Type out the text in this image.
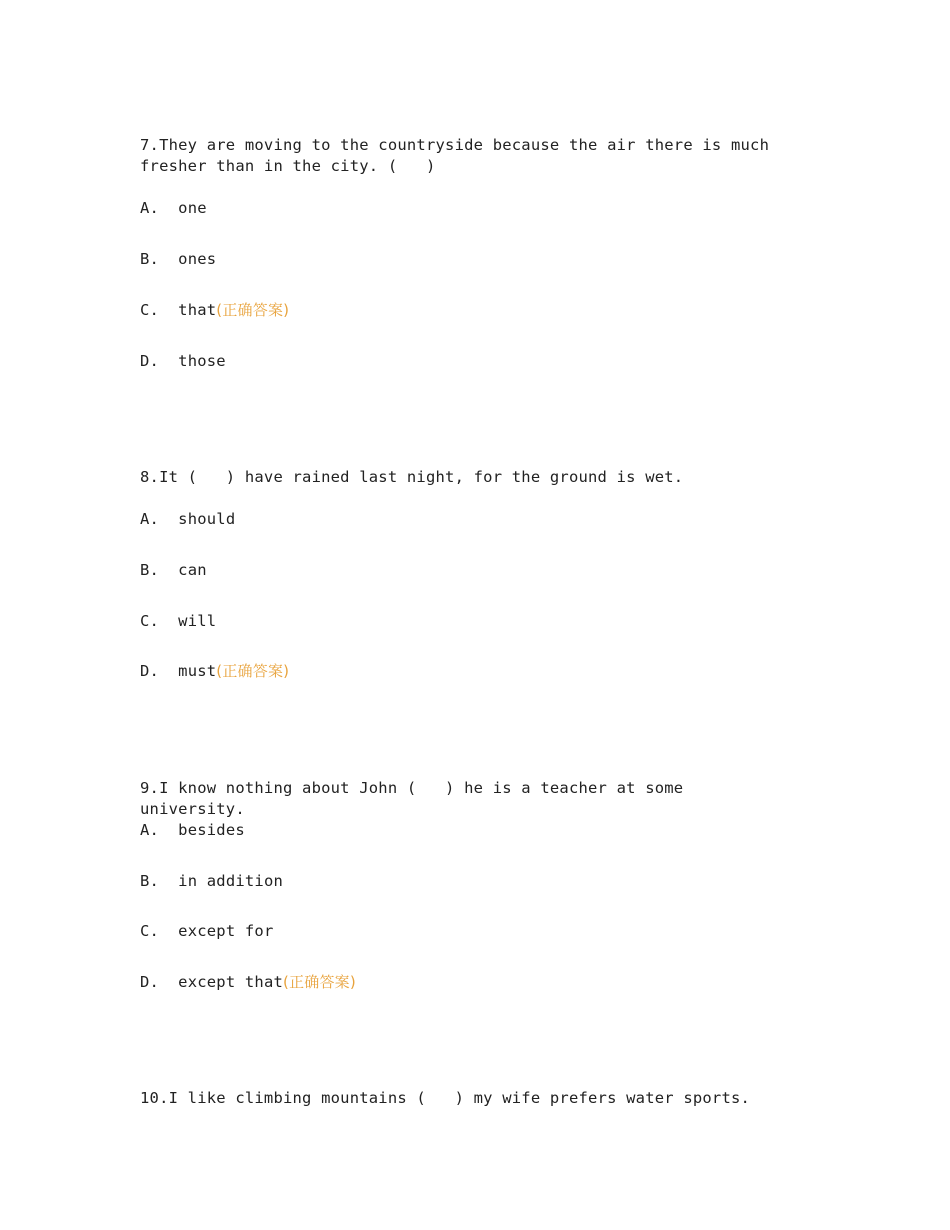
7.They are moving to the countryside because the air there is much fresher than in the city. (   )

A. one

B. ones

C. that(正确答案)

D. those

8.It (   ) have rained last night, for the ground is wet.

A. should

B. can

C. will

D. must(正确答案)

9.I know nothing about John (   ) he is a teacher at some university.

A. besides

B. in addition

C. except for

D. except that(正确答案)

10.I like climbing mountains (   ) my wife prefers water sports.
